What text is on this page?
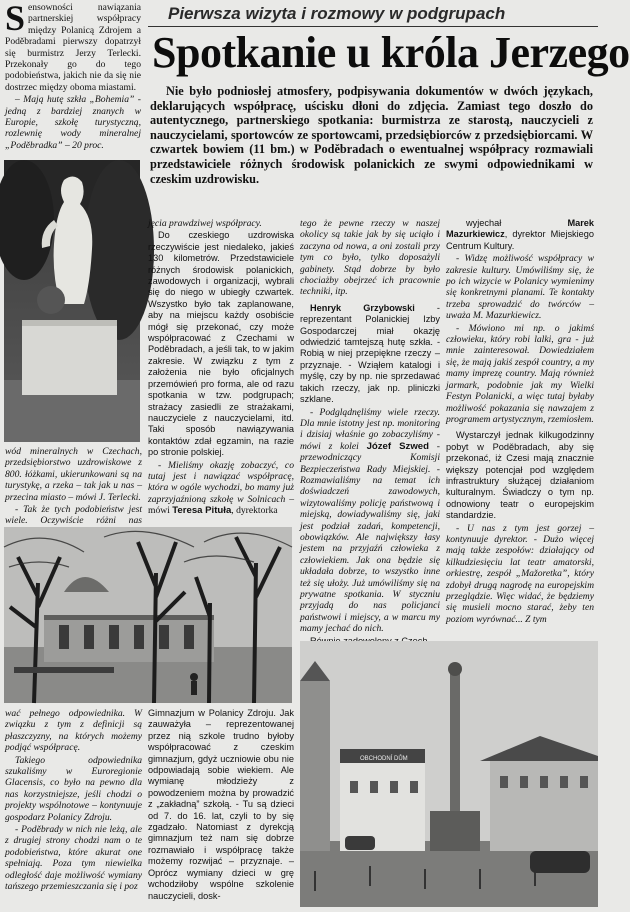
Sensowności nawiązania partnerskiej współpracy między Polanicą Zdrojem a Poděbradami pierwszy dopatrzył się burmistrz Jerzy Terlecki. Przekonały go do tego podobieństwa, jakich nie da się nie dostrzec między oboma miastami.

– Mają hutę szkła „Bohemia” - jedną z bardziej znanych w Europie, szkołę turystyczną, rozlewnię wody mineralnej „Poděbradka” – 20 proc.

Pierwsza wizyta i rozmowy w podgrupach
Spotkanie u króla Jerzego

Nie było podniosłej atmosfery, podpisywania dokumentów w dwóch językach, deklarujących współpracę, uścisku dłoni do zdjęcia. Zamiast tego doszło do autentycznego, partnerskiego spotkania: burmistrza ze starostą, nauczycieli z nauczycielami, sportowców ze sportowcami, przedsiębiorców z przedsiębiorcami. W czwartek bowiem (11 bm.) w Poděbradach o ewentualnej współpracy rozmawiali przedstawiciele różnych środowisk polanickich ze swymi odpowiednikami w czeskim uzdrowisku.

wód mineralnych w Czechach, przedsiębiorstwo uzdrowiskowe z 800. łóżkami, ukierunkowani są na turystykę, a rzeka – tak jak u nas – przecina miasto – mówi J. Terlecki.

- Tak że tych podobieństw jest wiele. Oczywiście różni nas

jęcia prawdziwej współpracy.

Do czeskiego uzdrowiska rzeczywiście jest niedaleko, jakieś 130 kilometrów. Przedstawiciele różnych środowisk polanickich, zawodowych i organizacji, wybrali się do niego w ubiegły czwartek. Wszystko było tak zaplanowane, aby na miejscu każdy osobiście mógł się przekonać, czy może współpracować z Czechami w Poděbradach, a jeśli tak, to w jakim zakresie. W związku z tym z założenia nie było oficjalnych przemówień pro forma, ale od razu spotkania w tzw. podgrupach; strażacy zasiedli ze strażakami, nauczyciele z nauczycielami, itd. Taki sposób nawiązywania kontaktów zdał egzamin, na razie po stronie polskiej.

- Mieliśmy okazję zobaczyć, co tutaj jest i nawiązać współpracę, która w ogóle wychodzi, bo mamy już zaprzyjaźnioną szkołę w Solnicach – mówi Teresa Pituła, dyrektorka

tego że pewne rzeczy w naszej okolicy są takie jak by się uciąło i zaczyna od nowa, a oni zostali przy tym co było, tylko doposażyli gabinety. Stąd dobrze by było chociażby obejrzeć ich pracownie techniki, itp.

Henryk Grzybowski - reprezentant Polanickiej Izby Gospodarczej miał okazję odwiedzić tamtejszą hutę szkła. - Robią w niej przepiękne rzeczy – przyznaje. - Wziąłem katalogi i myślę, czy by np. nie sprzedawać takich rzeczy, jak np. pliniczki szklane.

- Podglądnęliśmy wiele rzeczy. Dla mnie istotny jest np. monitoring i dzisiaj właśnie go zobaczyliśmy - mówi z kolei Józef Szwed - przewodniczący Komisji Bezpieczeństwa Rady Miejskiej. - Rozmawialiśmy na temat ich doświadczeń zawodowych, wizytowaliśmy policję państwową i miejską, dowiadywaliśmy się, jaki jest podział zadań, kompetencji, obowiązków. Ale największy łasy jestem na przyjaźń człowieka z człowiekiem. Jak ona będzie się układała dobrze, to wszystko inne też się ułoży. Już umówiliśmy się na prywatne spotkania. W styczniu przyjadą do nas policjanci państwowi i miejscy, a w marcu my mamy jechać do nich.

wyjechał Marek Mazurkiewicz, dyrektor Miejskiego Centrum Kultury.

- Widzę możliwość współpracy w zakresie kultury. Umówiliśmy się, że po ich wizycie w Polanicy wymienimy się konkretnymi planami. Te kontakty trzeba sprowadzić do twórców – uważa M. Mazurkiewicz.

- Mówiono mi np. o jakimś człowieku, który robi lalki, gra - już mnie zainteresował. Dowiedziałem się, że mają jakiś zespół country, a my mamy imprezę country. Mają również jarmark, podobnie jak my Wielki Festyn Polanicki, a więc tutaj byłaby możliwość pokazania się nawzajem z programem artystycznym, rzemiosłem.

Wystarczył jednak kilkugodzinny pobyt w Poděbradach, aby się przekonać, iż Czesi mają znacznie większy potencjał pod względem infrastruktury służącej działaniom kulturalnym. Świadczy o tym np. odnowiony teatr o europejskim standardzie.

- U nas z tym jest gorzej – kontynuuje dyrektor. - Dużo więcej mają także zespołów: działający od kilkudziesięciu lat teatr amatorski, orkiestrę, zespół „Mažoretka”, który zdobył drugą nagrodę na europejskim przeglądzie. Więc widać, że będziemy się musieli mocno starać, żeby ten poziom wyrównać... Z tym

wać pełnego odpowiednika. W związku z tym z definicji są płaszczyzny, na których możemy podjąć współpracę.

Takiego odpowiednika szukaliśmy w Euroregionie Glacensis, co było na pewno dla nas korzystniejsze, jeśli chodzi o projekty wspólnotowe – kontynuuje gospodarz Polanicy Zdroju.

- Poděbrady w nich nie leżą, ale z drugiej strony chodzi nam o te podobieństwa, które akurat one spełniają. Poza tym niewielka odległość daje możliwość wymiany tańszego przemieszczania się i poz

Gimnazjum w Polanicy Zdroju. Jak zauważyła – reprezentowanej przez nią szkole trudno byłoby współpracować z czeskim gimnazjum, gdyż uczniowie obu nie odpowiadają sobie wiekiem. Ale wymianę młodzieży z powodzeniem można by prowadzić z „zakładną” szkołą. - Tu są dzieci od 7. do 16. lat, czyli to by się zgadzało. Natomiast z dyrekcją gimnazjum też nam się dobrze rozmawiało i współpracę także możemy rozwijać – przyznaje. – Oprócz wymiany dzieci w grę wchodziłoby wspólne szkolenie nauczycieli, dosk-

OBCHODNÍ DŮM
